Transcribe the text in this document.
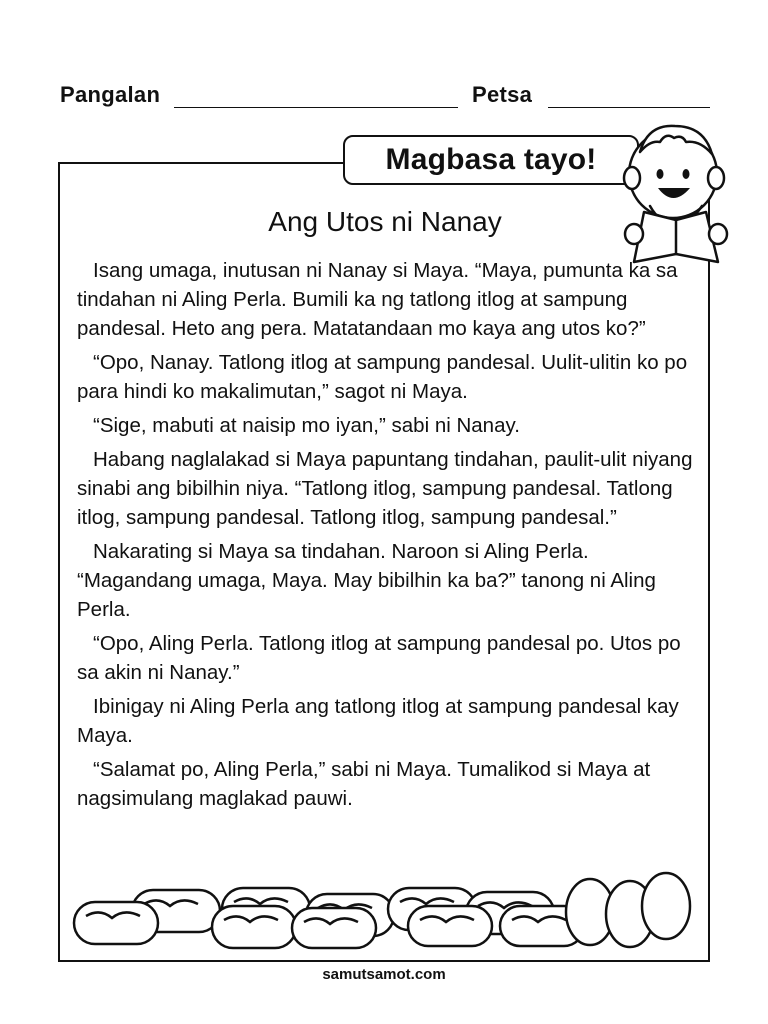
Pangalan	Petsa
Magbasa tayo!
Ang Utos ni Nanay

Isang umaga, inutusan ni Nanay si Maya. “Maya, pumunta ka sa tindahan ni Aling Perla. Bumili ka ng tatlong itlog at sampung pandesal. Heto ang pera. Matatandaan mo kaya ang utos ko?”

“Opo, Nanay. Tatlong itlog at sampung pandesal. Uulit-ulitin ko po para hindi ko makalimutan,” sagot ni Maya.

“Sige, mabuti at naisip mo iyan,” sabi ni Nanay.

Habang naglalakad si Maya papuntang tindahan, paulit-ulit niyang sinabi ang bibilhin niya. “Tatlong itlog, sampung pandesal. Tatlong itlog, sampung pandesal. Tatlong itlog, sampung pandesal.”

Nakarating si Maya sa tindahan. Naroon si Aling Perla. “Magandang umaga, Maya. May bibilhin ka ba?” tanong ni Aling Perla.

“Opo, Aling Perla. Tatlong itlog at sampung pandesal po. Utos po sa akin ni Nanay.”

Ibinigay ni Aling Perla ang tatlong itlog at sampung pandesal kay Maya.

“Salamat po, Aling Perla,” sabi ni Maya. Tumalikod si Maya at nagsimulang maglakad pauwi.

samutsamot.com
